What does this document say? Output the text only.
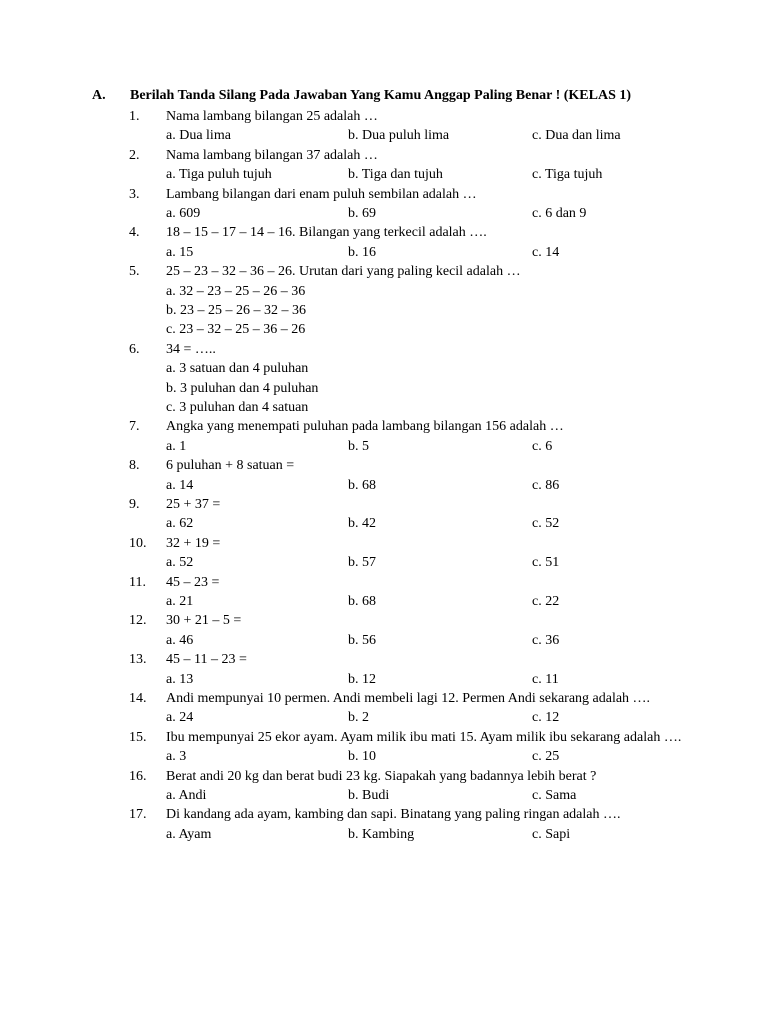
A. Berilah Tanda Silang Pada Jawaban Yang Kamu Anggap Paling Benar ! (KELAS 1)
1. Nama lambang bilangan 25 adalah …
a. Dua lima	b. Dua puluh lima	c. Dua dan lima
2. Nama lambang bilangan 37 adalah …
a. Tiga puluh tujuh	b. Tiga dan tujuh	c. Tiga tujuh
3. Lambang bilangan dari enam puluh sembilan adalah …
a. 609	b. 69	c. 6 dan 9
4. 18 – 15 – 17 – 14 – 16. Bilangan yang terkecil adalah ….
a. 15	b. 16	c. 14
5. 25 – 23 – 32 – 36 – 26. Urutan dari yang paling kecil adalah …
a. 32 – 23 – 25 – 26 – 36
b. 23 – 25 – 26 – 32 – 36
c. 23 – 32 – 25 – 36 – 26
6. 34 = …..
a. 3 satuan dan 4 puluhan
b. 3 puluhan dan 4 puluhan
c. 3 puluhan dan 4 satuan
7. Angka yang menempati puluhan pada lambang bilangan 156 adalah …
a. 1	b. 5	c. 6
8. 6 puluhan + 8 satuan =
a. 14	b. 68	c. 86
9. 25 + 37 =
a. 62	b. 42	c. 52
10. 32 + 19 =
a. 52	b. 57	c. 51
11. 45 – 23 =
a. 21	b. 68	c. 22
12. 30 + 21 – 5 =
a. 46	b. 56	c. 36
13. 45 – 11 – 23 =
a. 13	b. 12	c. 11
14. Andi mempunyai 10 permen. Andi membeli lagi 12. Permen Andi sekarang adalah ….
a. 24	b. 2	c. 12
15. Ibu mempunyai 25 ekor ayam. Ayam milik ibu mati 15. Ayam milik ibu sekarang adalah ….
a. 3	b. 10	c. 25
16. Berat andi 20 kg dan berat budi 23 kg. Siapakah yang badannya lebih berat ?
a. Andi	b. Budi	c. Sama
17. Di kandang ada ayam, kambing dan sapi. Binatang yang paling ringan adalah ….
a. Ayam	b. Kambing	c. Sapi
